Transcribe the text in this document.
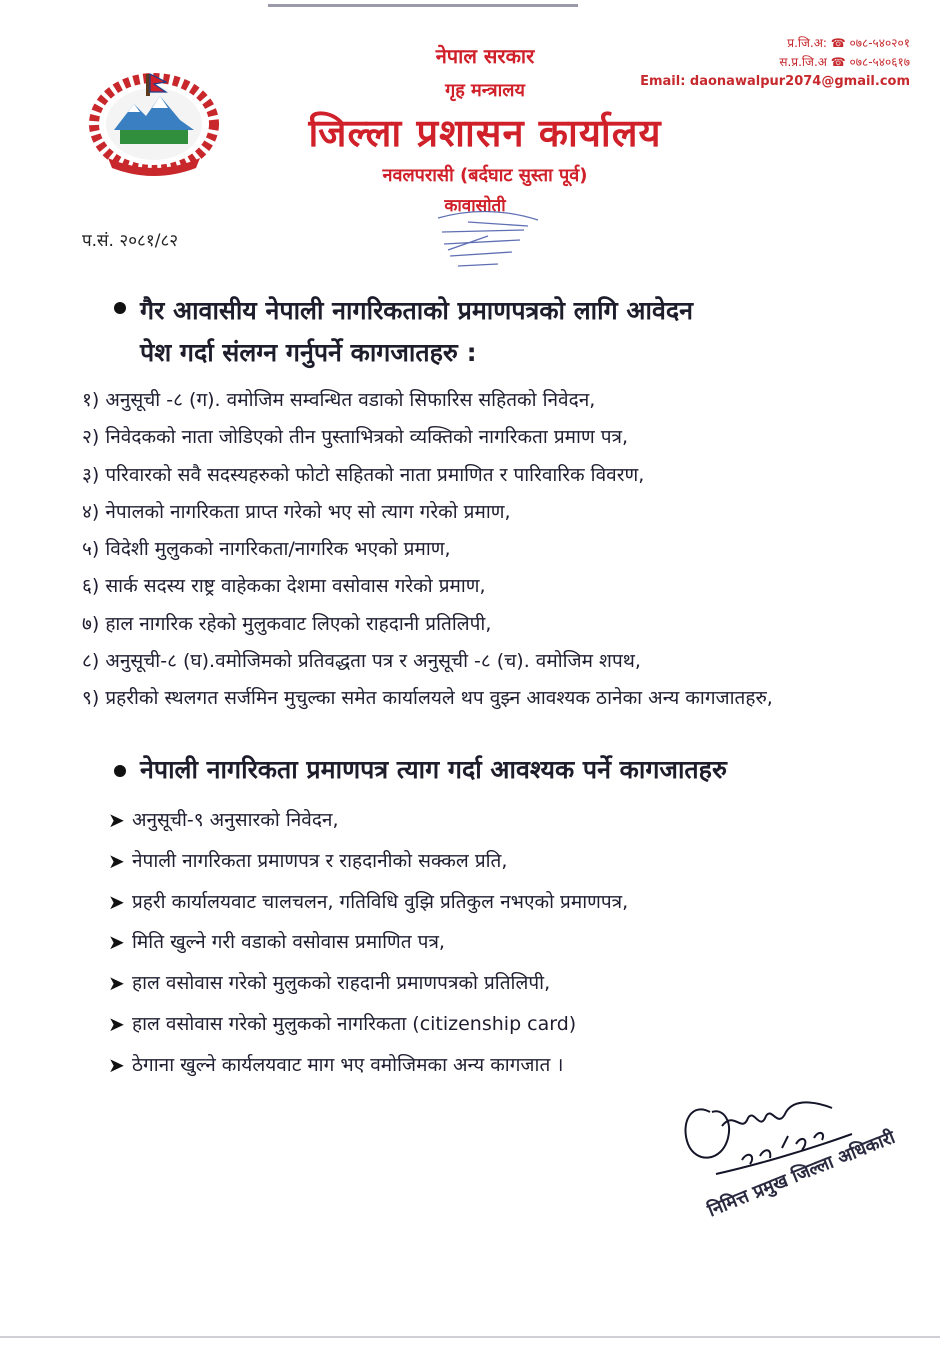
नेपाल सरकार
गृह मन्त्रालय
जिल्ला प्रशासन कार्यालय
नवलपरासी (बर्दघाट सुस्ता पूर्व)
कावासोती
प्र.जि.अ: ☎ ०७८-५४०२०१
स.प्र.जि.अ ☎ ०७८-५४०६१७
Email: daonawalpur2074@gmail.com
प.सं. २०८१/८२
गैर आवासीय नेपाली नागरिकताको प्रमाणपत्रको लागि आवेदन
पेश गर्दा संलग्न गर्नुपर्ने कागजातहरु :
१) अनुसूची -८ (ग). वमोजिम सम्वन्धित वडाको सिफारिस सहितको निवेदन,
२) निवेदकको नाता जोडिएको तीन पुस्ताभित्रको व्यक्तिको नागरिकता प्रमाण पत्र,
३) परिवारको सवै सदस्यहरुको फोटो सहितको नाता प्रमाणित र पारिवारिक विवरण,
४) नेपालको नागरिकता प्राप्त गरेको भए सो त्याग गरेको प्रमाण,
५) विदेशी मुलुकको नागरिकता/नागरिक भएको प्रमाण,
६) सार्क सदस्य राष्ट्र वाहेकका देशमा वसोवास गरेको प्रमाण,
७) हाल नागरिक रहेको मुलुकवाट लिएको राहदानी प्रतिलिपी,
८) अनुसूची-८ (घ).वमोजिमको प्रतिवद्धता पत्र र अनुसूची -८ (च). वमोजिम शपथ,
९) प्रहरीको स्थलगत सर्जमिन मुचुल्का समेत कार्यालयले थप वुझ्न आवश्यक ठानेका अन्य कागजातहरु,
नेपाली नागरिकता प्रमाणपत्र त्याग गर्दा आवश्यक पर्ने कागजातहरु
➤ अनुसूची-९ अनुसारको निवेदन,
➤ नेपाली नागरिकता प्रमाणपत्र र राहदानीको सक्कल प्रति,
➤ प्रहरी कार्यालयवाट चालचलन, गतिविधि वुझि प्रतिकुल नभएको प्रमाणपत्र,
➤ मिति खुल्ने गरी वडाको वसोवास प्रमाणित पत्र,
➤ हाल वसोवास गरेको मुलुकको राहदानी प्रमाणपत्रको प्रतिलिपी,
➤ हाल वसोवास गरेको मुलुकको नागरिकता (citizenship card)
➤ ठेगाना खुल्ने कार्यलयवाट माग भए वमोजिमका अन्य कागजात ।
निमित्त प्रमुख जिल्ला अधिकारी
